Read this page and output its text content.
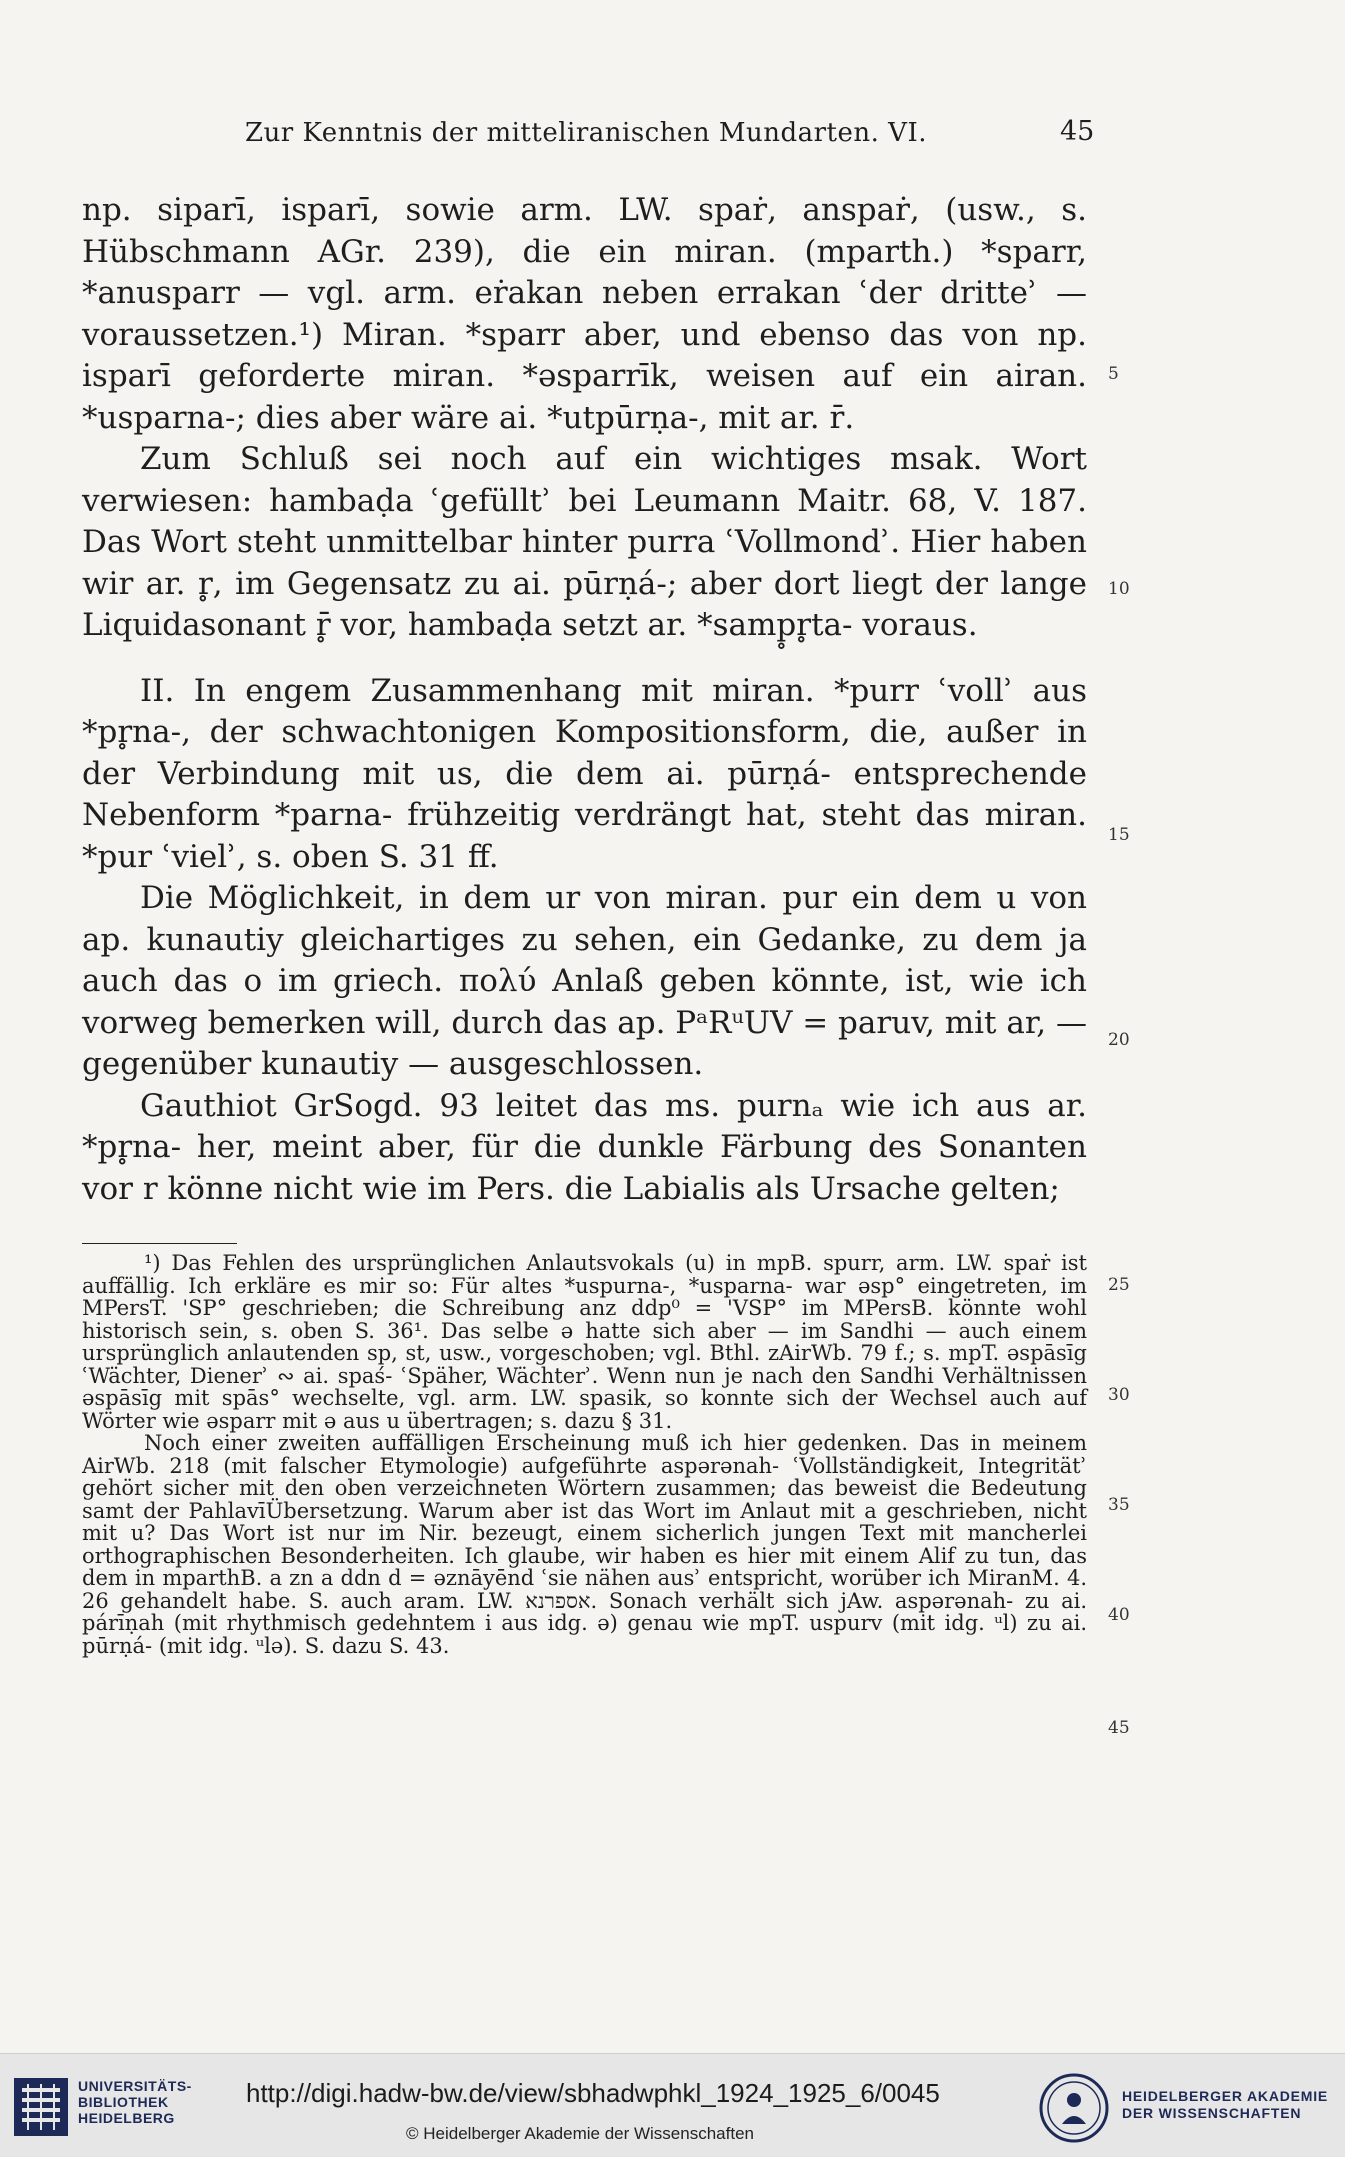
Zur Kenntnis der mitteliranischen Mundarten. VI.	45

np. siparī, isparī, sowie arm. LW. spaṙ, anspaṙ, (usw., s. Hübschmann AGr. 239), die ein miran. (mparth.) *sparr, *anusparr — vgl. arm. eṙakan neben errakan ʿder dritteʾ — voraussetzen.¹) Miran. *sparr aber, und ebenso das von np. isparī geforderte miran. *əsparrīk, weisen auf ein airan. *usparna-; dies aber wäre ai. *utpūrṇa-, mit ar. r̄.

Zum Schluß sei noch auf ein wichtiges msak. Wort verwiesen: hambaḍa ʿgefülltʾ bei Leumann Maitr. 68, V. 187. Das Wort steht unmittelbar hinter purra ʿVollmondʾ. Hier haben wir ar. r̥, im Gegensatz zu ai. pūrṇá-; aber dort liegt der lange Liquidasonant r̥̄ vor, hambaḍa setzt ar. *samp̥r̥ta- voraus.

II. In engem Zusammenhang mit miran. *purr ʿvollʾ aus *pr̥na-, der schwachtonigen Kompositionsform, die, außer in der Verbindung mit us, die dem ai. pūrṇá- entsprechende Nebenform *parna- frühzeitig verdrängt hat, steht das miran. *pur ʿvielʾ, s. oben S. 31 ff.

Die Möglichkeit, in dem ur von miran. pur ein dem u von ap. kunautiy gleichartiges zu sehen, ein Gedanke, zu dem ja auch das o im griech. πολύ Anlaß geben könnte, ist, wie ich vorweg bemerken will, durch das ap. PᵃRᵘUV = paruv, mit ar, — gegenüber kunautiy — ausgeschlossen.

Gauthiot GrSogd. 93 leitet das ms. purnₐ wie ich aus ar. *pr̥na- her, meint aber, für die dunkle Färbung des Sonanten vor r könne nicht wie im Pers. die Labialis als Ursache gelten;

¹) Das Fehlen des ursprünglichen Anlautsvokals (u) in mpB. spurr, arm. LW. spaṙ ist auffällig. Ich erkläre es mir so: Für altes *uspurna-, *usparna- war əsp° eingetreten, im MPersT. ꞌSP° geschrieben; die Schreibung anz ddp⁰ = ꞌVSP° im MPersB. könnte wohl historisch sein, s. oben S. 36¹. Das selbe ə hatte sich aber — im Sandhi — auch einem ursprünglich anlautenden sp, st, usw., vorgeschoben; vgl. Bthl. zAirWb. 79 f.; s. mpT. əspāsīg ʿWächter, Dienerʾ ∾ ai. spaś- ʿSpäher, Wächterʾ. Wenn nun je nach den Sandhi Verhältnissen əspāsīg mit spās° wechselte, vgl. arm. LW. spasik, so konnte sich der Wechsel auch auf Wörter wie əsparr mit ə aus u übertragen; s. dazu § 31.

Noch einer zweiten auffälligen Erscheinung muß ich hier gedenken. Das in meinem AirWb. 218 (mit falscher Etymologie) aufgeführte aspərənah- ʿVollständigkeit, Integritätʾ gehört sicher mit den oben verzeichneten Wörtern zusammen; das beweist die Bedeutung samt der PahlavīÜbersetzung. Warum aber ist das Wort im Anlaut mit a geschrieben, nicht mit u? Das Wort ist nur im Nir. bezeugt, einem sicherlich jungen Text mit mancherlei orthographischen Besonderheiten. Ich glaube, wir haben es hier mit einem Alif zu tun, das dem in mparthB. a zn a ddn d = əznāyēnd ʿsie nähen ausʾ entspricht, worüber ich MiranM. 4. 26 gehandelt habe. S. auch aram. LW. אספרנא. Sonach verhält sich jAw. aspərənah- zu ai. párīṇah (mit rhythmisch gedehntem i aus idg. ə) genau wie mpT. uspurv (mit idg. ᵘl) zu ai. pūrṇá- (mit idg. ᵘlə). S. dazu S. 43.

5
10
15
20
25
30
35
40
45
UNIVERSITÄTS-
BIBLIOTHEK
HEIDELBERG
http://digi.hadw-bw.de/view/sbhadwphkl_1924_1925_6/0045
© Heidelberger Akademie der Wissenschaften
HEIDELBERGER AKADEMIE
DER WISSENSCHAFTEN
